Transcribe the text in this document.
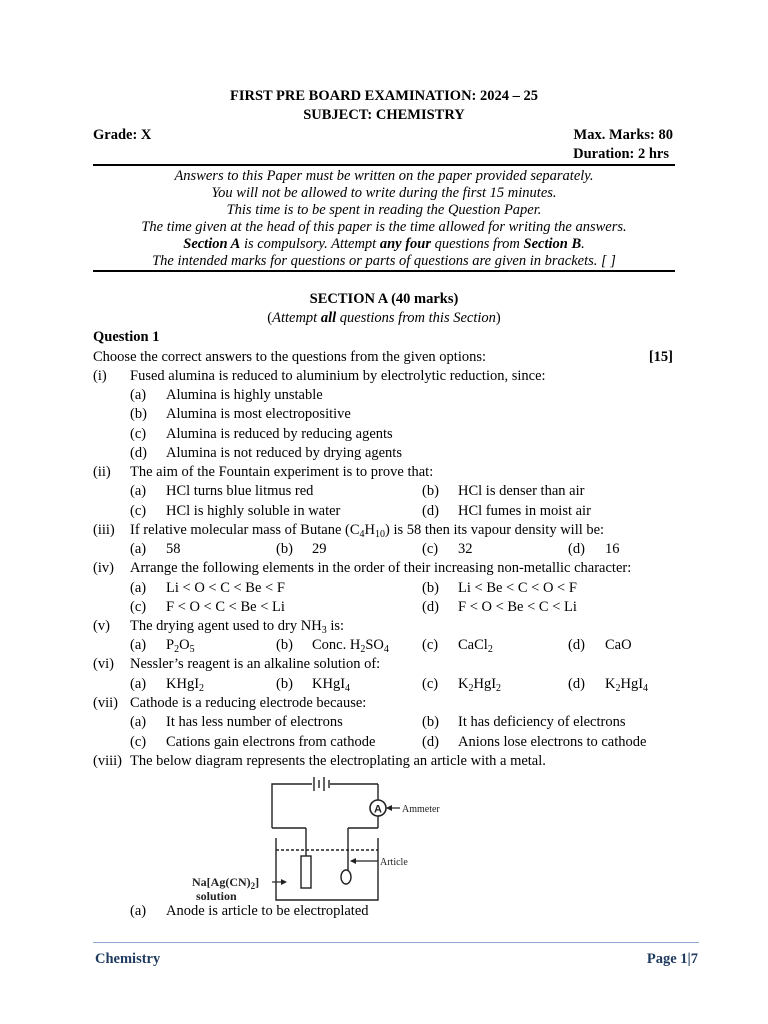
FIRST PRE BOARD EXAMINATION: 2024 – 25
SUBJECT: CHEMISTRY
Grade: X	Max. Marks: 80
Duration: 2 hrs
Answers to this Paper must be written on the paper provided separately.
You will not be allowed to write during the first 15 minutes.
This time is to be spent in reading the Question Paper.
The time given at the head of this paper is the time allowed for writing the answers.
Section A is compulsory. Attempt any four questions from Section B.
The intended marks for questions or parts of questions are given in brackets. [ ]
SECTION A (40 marks)
(Attempt all questions from this Section)
Question 1
Choose the correct answers to the questions from the given options:	[15]
(i) Fused alumina is reduced to aluminium by electrolytic reduction, since:
(a) Alumina is highly unstable
(b) Alumina is most electropositive
(c) Alumina is reduced by reducing agents
(d) Alumina is not reduced by drying agents
(ii) The aim of the Fountain experiment is to prove that:
(a) HCl turns blue litmus red	(b) HCl is denser than air
(c) HCl is highly soluble in water	(d) HCl fumes in moist air
(iii) If relative molecular mass of Butane $(C_4H_{10})$ is 58 then its vapour density will be:
(a) 58	(b) 29	(c) 32	(d) 16
(iv) Arrange the following elements in the order of their increasing non-metallic character:
(a) Li < O < C < Be < F	(b) Li < Be < C < O < F
(c) F < O < C < Be < Li	(d) F < O < Be < C < Li
(v) The drying agent used to dry $NH_3$ is:
(a) $P_2O_5$	(b) Conc. $H_2SO_4$ (c) CaCl$_2$	(d) CaO
(vi) Nessler’s reagent is an alkaline solution of:
(a) KHgI$_2$	(b) KHgI$_4$	(c) $K_2HgI_2$	(d) $K_2HgI_4$
(vii) Cathode is a reducing electrode because:
(a) It has less number of electrons	(b) It has deficiency of electrons
(c) Cations gain electrons from cathode	(d) Anions lose electrons to cathode
(viii) The below diagram represents the electroplating an article with a metal.
A Ammeter
Article
$Na[Ag(CN)_2]$
solution
(a) Anode is article to be electroplated
Chemistry	Page 1|7
